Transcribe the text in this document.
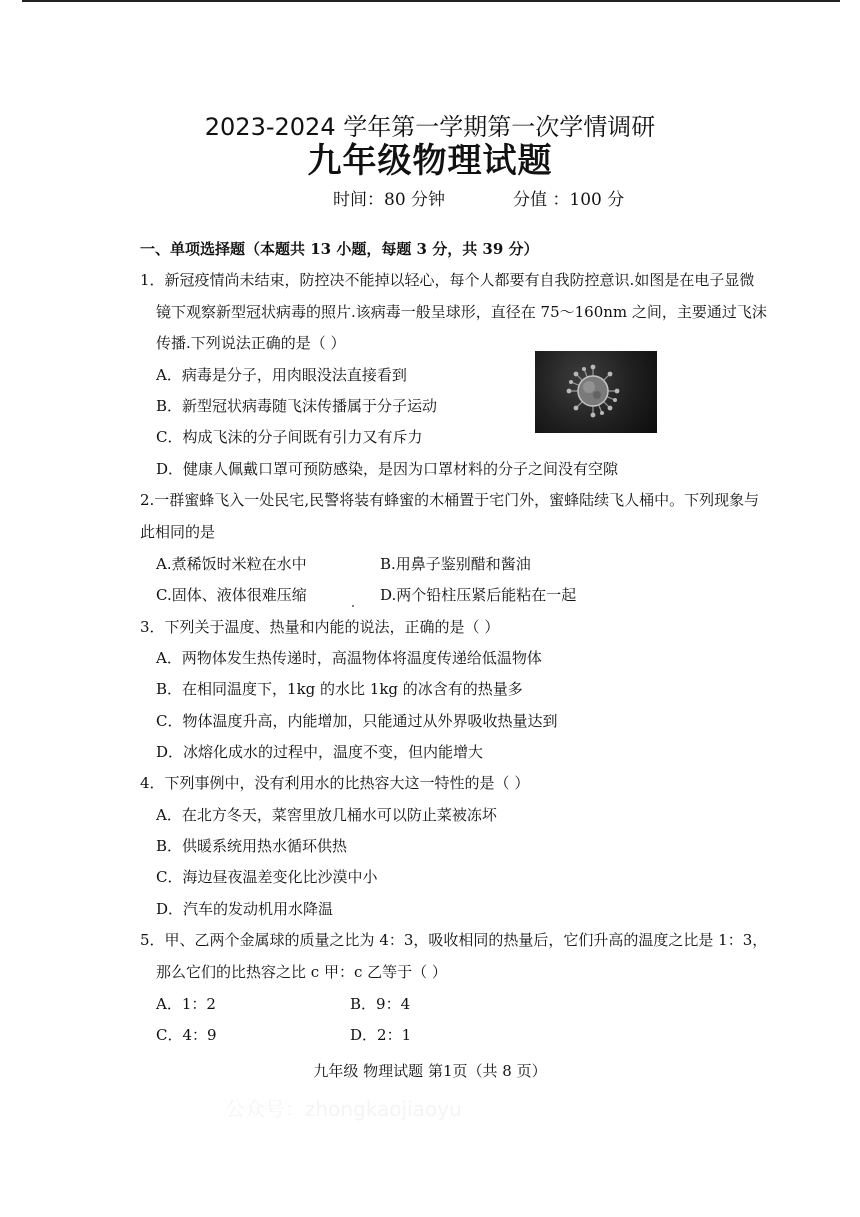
2023-2024 学年第一学期第一次学情调研
九年级物理试题
时间：80 分钟	分值 ：100 分
一、单项选择题（本题共 13 小题，每题 3 分，共 39 分）
1．新冠疫情尚未结束，防控决不能掉以轻心，每个人都要有自我防控意识.如图是在电子显微
镜下观察新型冠状病毒的照片.该病毒一般呈球形，直径在 75～160nm 之间，主要通过飞沫
传播.下列说法正确的是（ ）
A．病毒是分子，用肉眼没法直接看到
B．新型冠状病毒随飞沫传播属于分子运动
C．构成飞沫的分子间既有引力又有斥力
D．健康人佩戴口罩可预防感染，是因为口罩材料的分子之间没有空隙
2.一群蜜蜂飞入一处民宅,民警将装有蜂蜜的木桶置于宅门外，蜜蜂陆续飞人桶中。下列现象与
此相同的是
A.煮稀饭时米粒在水中	B.用鼻子鉴别醋和酱油
C.固体、液体很难压缩	D.两个铅柱压紧后能粘在一起
3．下列关于温度、热量和内能的说法，正确的是（ ）
A．两物体发生热传递时，高温物体将温度传递给低温物体
B．在相同温度下，1kg 的水比 1kg 的冰含有的热量多
C．物体温度升高，内能增加，只能通过从外界吸收热量达到
D．冰熔化成水的过程中，温度不变，但内能增大
4．下列事例中，没有利用水的比热容大这一特性的是（ ）
A．在北方冬天，菜窖里放几桶水可以防止菜被冻坏
B．供暖系统用热水循环供热
C．海边昼夜温差变化比沙漠中小
D．汽车的发动机用水降温
5．甲、乙两个金属球的质量之比为 4：3，吸收相同的热量后，它们升高的温度之比是 1：3，
那么它们的比热容之比 c 甲：c 乙等于（ ）
A．1：2	B．9：4
C．4：9	D．2：1
九年级 物理试题 第1页（共 8 页）
公众号：zhongkaojiaoyu
